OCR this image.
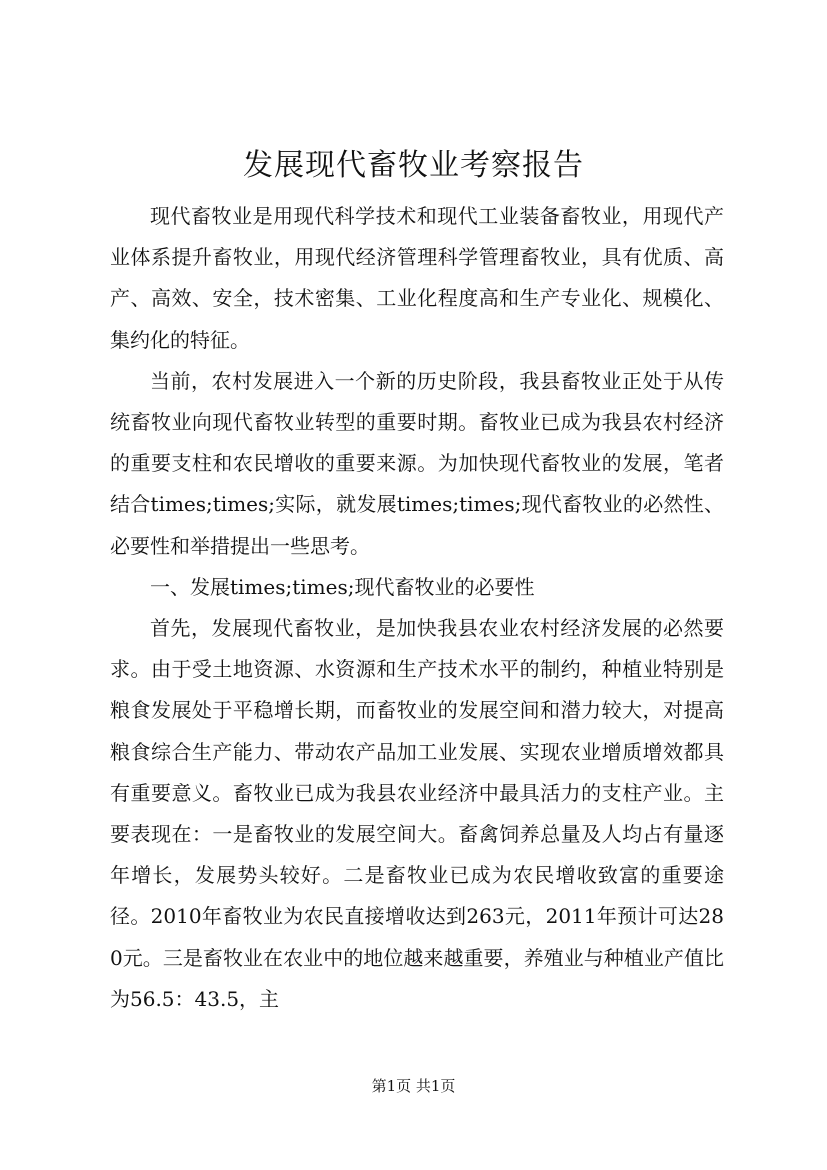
发展现代畜牧业考察报告

现代畜牧业是用现代科学技术和现代工业装备畜牧业，用现代产业体系提升畜牧业，用现代经济管理科学管理畜牧业，具有优质、高产、高效、安全，技术密集、工业化程度高和生产专业化、规模化、集约化的特征。

当前，农村发展进入一个新的历史阶段，我县畜牧业正处于从传统畜牧业向现代畜牧业转型的重要时期。畜牧业已成为我县农村经济的重要支柱和农民增收的重要来源。为加快现代畜牧业的发展，笔者结合times;times;实际，就发展times;times;现代畜牧业的必然性、必要性和举措提出一些思考。

一、发展times;times;现代畜牧业的必要性

首先，发展现代畜牧业，是加快我县农业农村经济发展的必然要求。由于受土地资源、水资源和生产技术水平的制约，种植业特别是粮食发展处于平稳增长期，而畜牧业的发展空间和潜力较大，对提高粮食综合生产能力、带动农产品加工业发展、实现农业增质增效都具有重要意义。畜牧业已成为我县农业经济中最具活力的支柱产业。主要表现在：一是畜牧业的发展空间大。畜禽饲养总量及人均占有量逐年增长，发展势头较好。二是畜牧业已成为农民增收致富的重要途径。2010年畜牧业为农民直接增收达到263元，2011年预计可达280元。三是畜牧业在农业中的地位越来越重要，养殖业与种植业产值比为56.5：43.5，主

第1页 共1页
